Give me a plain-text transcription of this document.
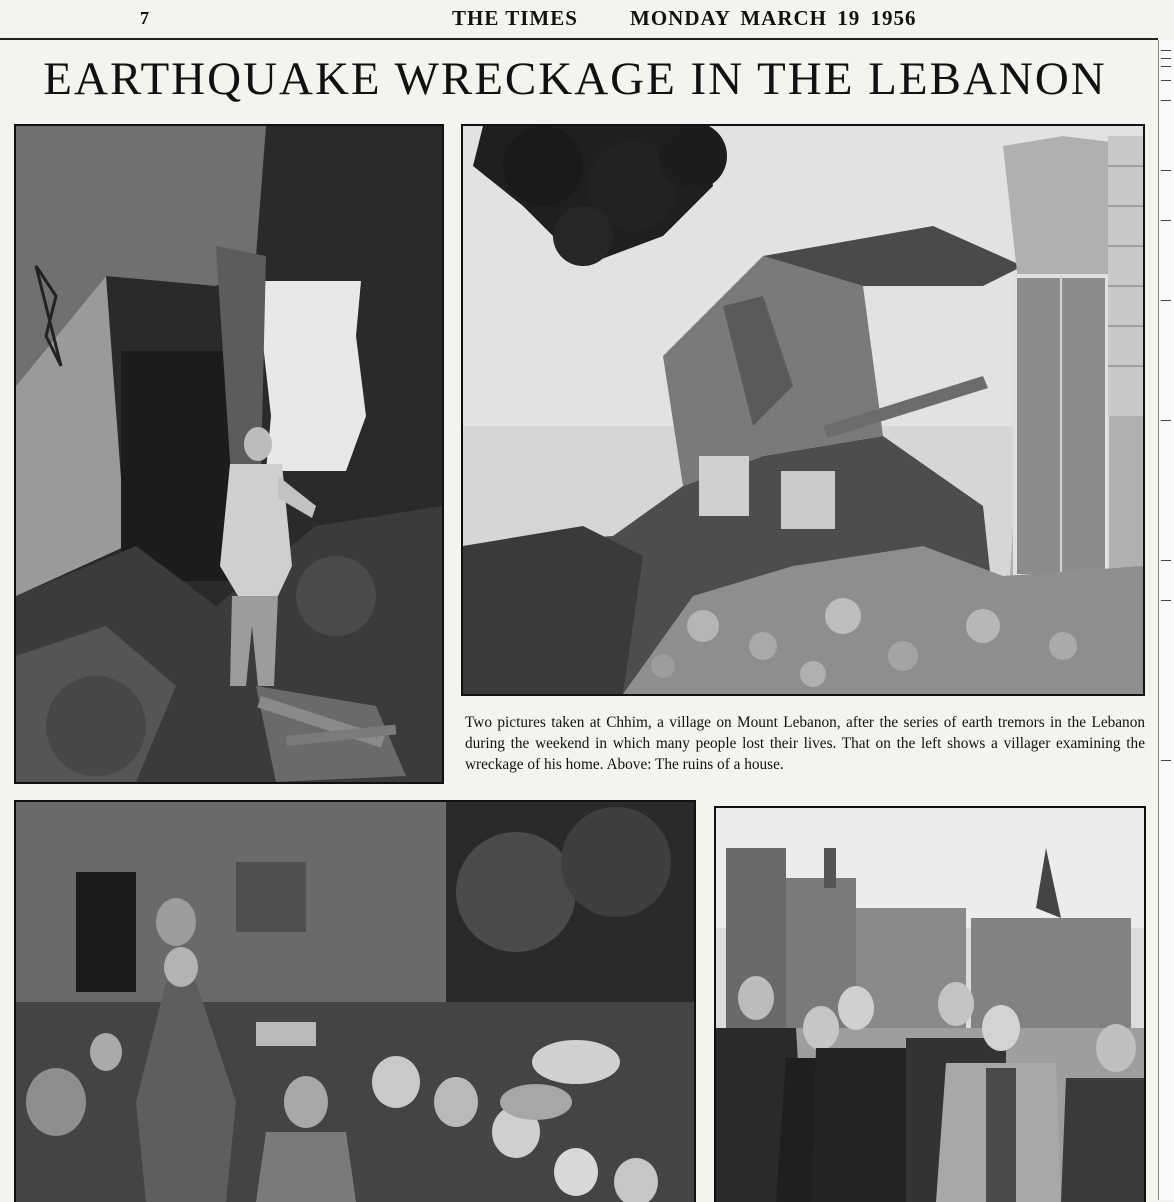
7	THE TIMES MONDAY MARCH 19 1956
EARTHQUAKE WRECKAGE IN THE LEBANON
Two pictures taken at Chhim, a village on Mount Lebanon, after the series of earth tremors in the Lebanon during the weekend in which many people lost their lives. That on the left shows a villager examining the wreckage of his home. Above: The ruins of a house.
